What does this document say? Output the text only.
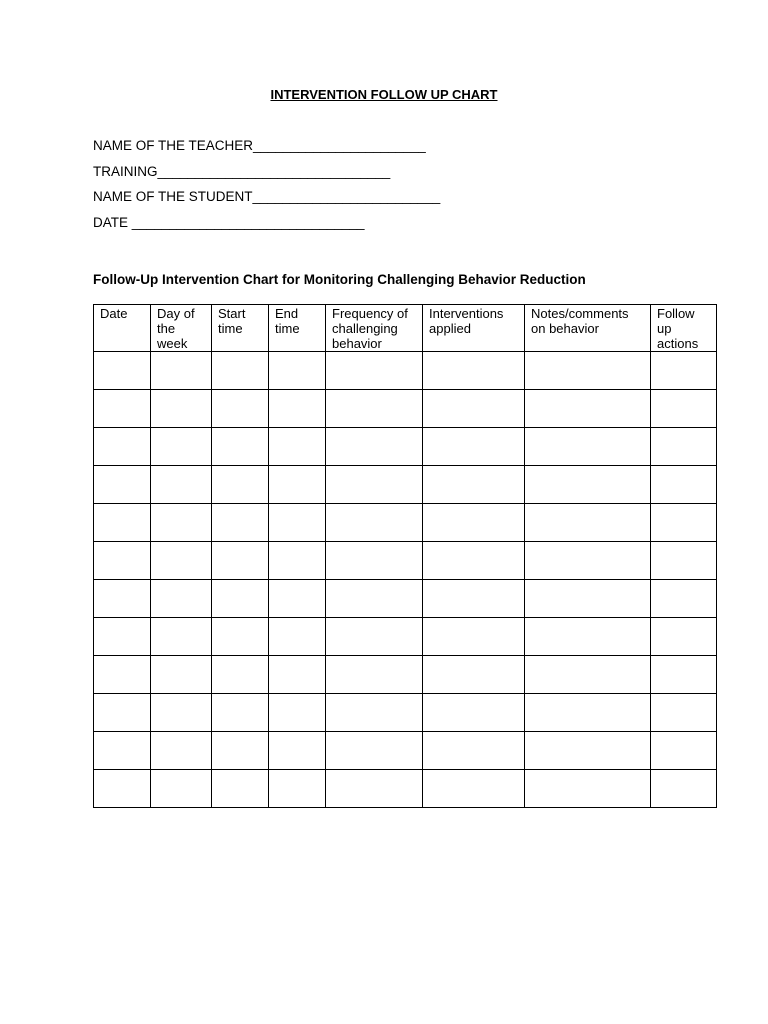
INTERVENTION FOLLOW UP CHART
NAME OF THE TEACHER_______________________
TRAINING_______________________________
NAME OF THE STUDENT_________________________
DATE _______________________________
Follow-Up Intervention Chart for Monitoring Challenging Behavior Reduction
Date	Day of the week	Start time	End time	Frequency of challenging behavior	Interventions applied	Notes/comments on behavior	Follow up actions
